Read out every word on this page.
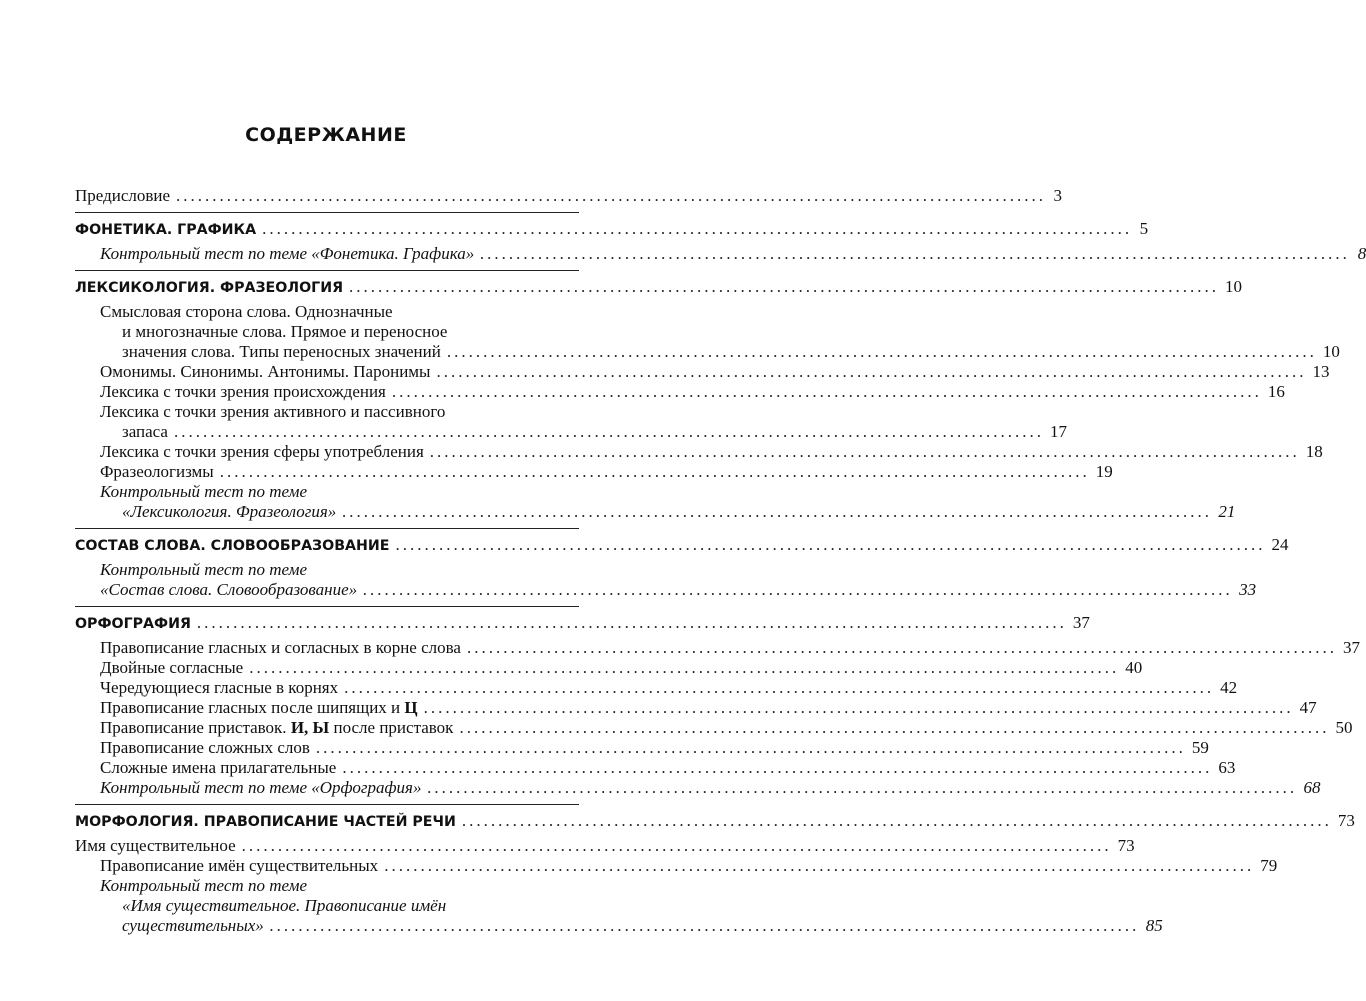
СОДЕРЖАНИЕ
Предисловие ........................................................................................................................ 3
ФОНЕТИКА. ГРАФИКА ........................................................................................................................ 5
Контрольный тест по теме «Фонетика. Графика» ........................................................................................................................ 8
ЛЕКСИКОЛОГИЯ. ФРАЗЕОЛОГИЯ ........................................................................................................................ 10
Смысловая сторона слова. Однозначные
и многозначные слова. Прямое и переносное
значения слова. Типы переносных значений ........................................................................................................................ 10
Омонимы. Синонимы. Антонимы. Паронимы ........................................................................................................................ 13
Лексика с точки зрения происхождения ........................................................................................................................ 16
Лексика с точки зрения активного и пассивного
запаса ........................................................................................................................ 17
Лексика с точки зрения сферы употребления ........................................................................................................................ 18
Фразеологизмы ........................................................................................................................ 19
Контрольный тест по теме
«Лексикология. Фразеология» ........................................................................................................................ 21
СОСТАВ СЛОВА. СЛОВООБРАЗОВАНИЕ ........................................................................................................................ 24
Контрольный тест по теме
«Состав слова. Словообразование» ........................................................................................................................ 33
ОРФОГРАФИЯ ........................................................................................................................ 37
Правописание гласных и согласных в корне слова ........................................................................................................................ 37
Двойные согласные ........................................................................................................................ 40
Чередующиеся гласные в корнях ........................................................................................................................ 42
Правописание гласных после шипящих и Ц ........................................................................................................................ 47
Правописание приставок. И, Ы после приставок ........................................................................................................................ 50
Правописание сложных слов ........................................................................................................................ 59
Сложные имена прилагательные ........................................................................................................................ 63
Контрольный тест по теме «Орфография» ........................................................................................................................ 68
МОРФОЛОГИЯ. ПРАВОПИСАНИЕ ЧАСТЕЙ РЕЧИ ........................................................................................................................ 73
Имя существительное ........................................................................................................................ 73
Правописание имён существительных ........................................................................................................................ 79
Контрольный тест по теме
«Имя существительное. Правописание имён
существительных» ........................................................................................................................ 85
